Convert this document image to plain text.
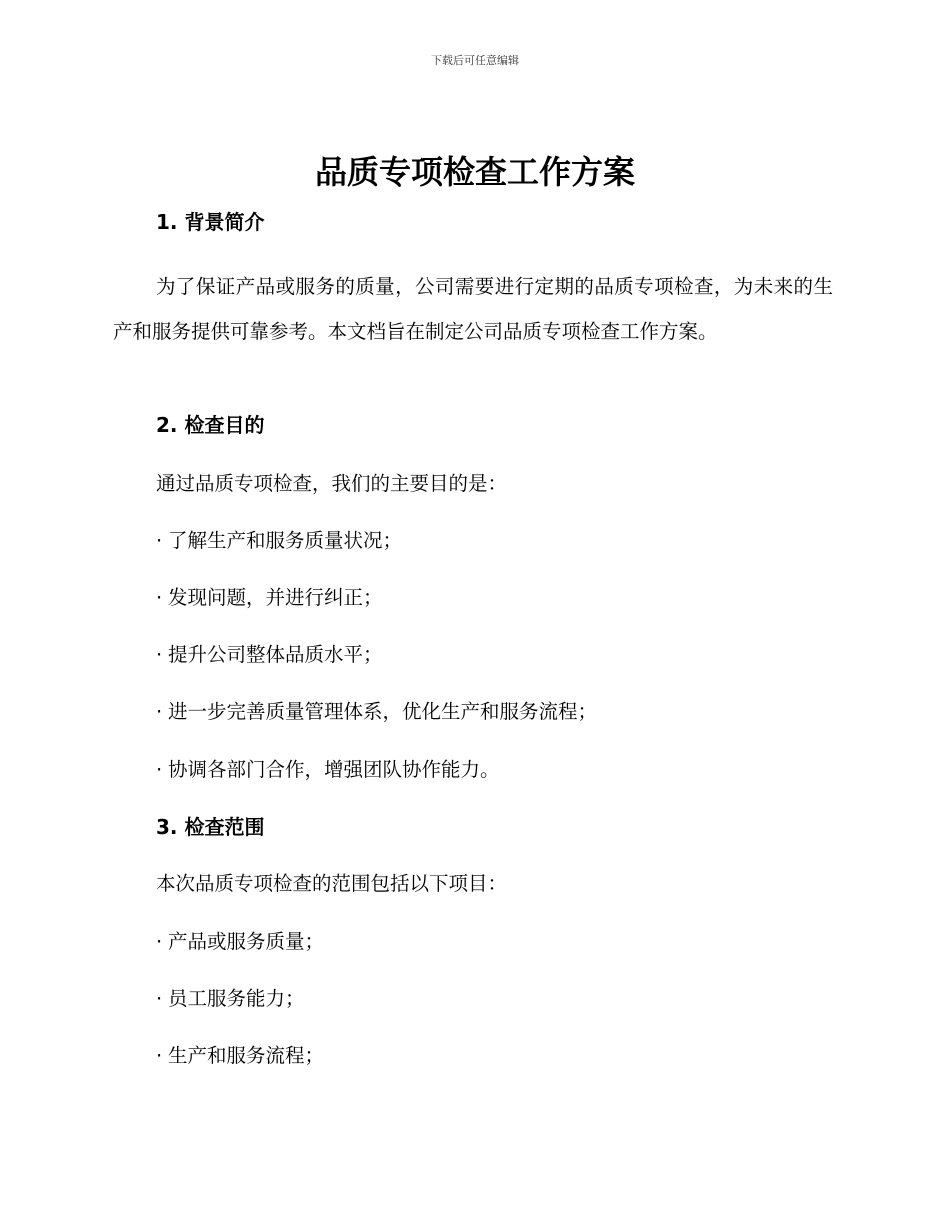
下载后可任意编辑
品质专项检查工作方案
1. 背景简介

为了保证产品或服务的质量，公司需要进行定期的品质专项检查，为未来的生产和服务提供可靠参考。本文档旨在制定公司品质专项检查工作方案。

2. 检查目的
通过品质专项检查，我们的主要目的是：
· 了解生产和服务质量状况；
· 发现问题，并进行纠正；
· 提升公司整体品质水平；
· 进一步完善质量管理体系，优化生产和服务流程；
· 协调各部门合作，增强团队协作能力。
3. 检查范围
本次品质专项检查的范围包括以下项目：
· 产品或服务质量；
· 员工服务能力；
· 生产和服务流程；
